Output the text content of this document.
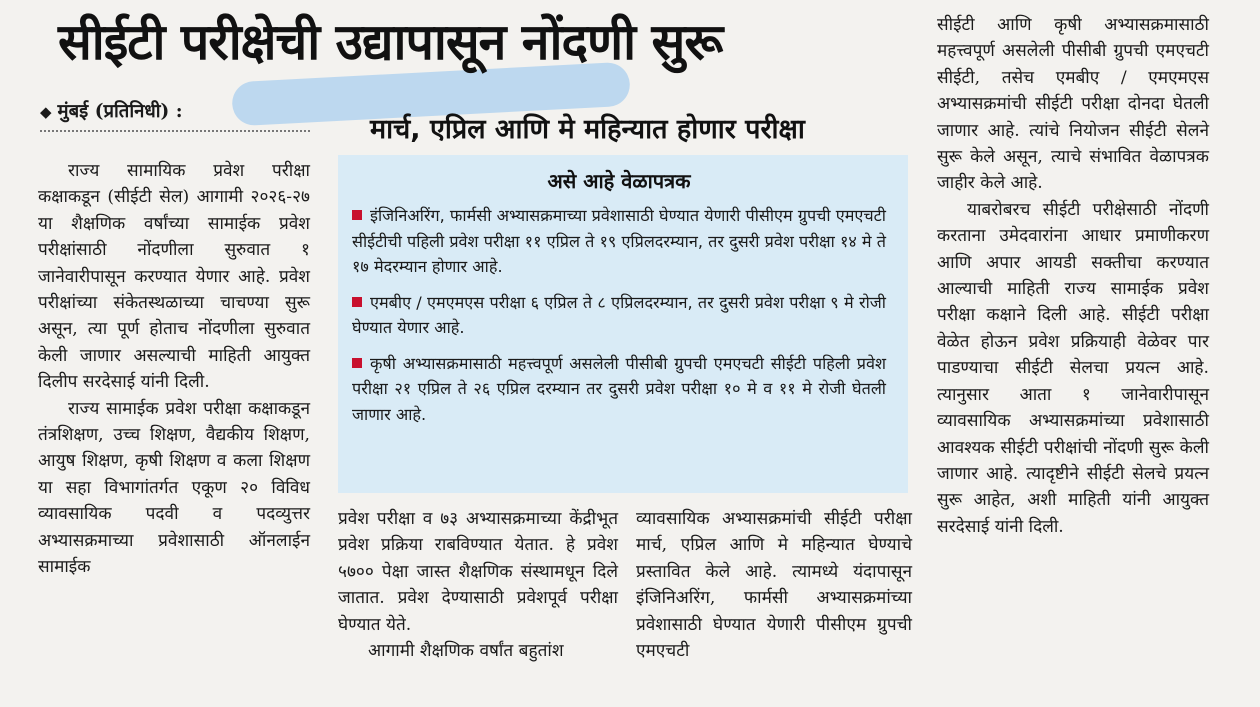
सीईटी परीक्षेची उद्यापासून नोंदणी सुरू
◆ मुंबई (प्रतिनिधी) :
मार्च, एप्रिल आणि मे महिन्यात होणार परीक्षा

राज्य सामायिक प्रवेश परीक्षा कक्षाकडून (सीईटी सेल) आगामी २०२६-२७ या शैक्षणिक वर्षांच्या सामाईक प्रवेश परीक्षांसाठी नोंदणीला सुरुवात १ जानेवारीपासून करण्यात येणार आहे. प्रवेश परीक्षांच्या संकेतस्थळाच्या चाचण्या सुरू असून, त्या पूर्ण होताच नोंदणीला सुरुवात केली जाणार असल्याची माहिती आयुक्त दिलीप सरदेसाई यांनी दिली.

राज्य सामाईक प्रवेश परीक्षा कक्षाकडून तंत्रशिक्षण, उच्च शिक्षण, वैद्यकीय शिक्षण, आयुष शिक्षण, कृषी शिक्षण व कला शिक्षण या सहा विभागांतर्गत एकूण २० विविध व्यावसायिक पदवी व पदव्युत्तर अभ्यासक्रमाच्या प्रवेशासाठी ऑनलाईन सामाईक

असे आहे वेळापत्रक

इंजिनिअरिंग, फार्मसी अभ्यासक्रमाच्या प्रवेशासाठी घेण्यात येणारी पीसीएम ग्रुपची एमएचटी सीईटीची पहिली प्रवेश परीक्षा ११ एप्रिल ते १९ एप्रिलदरम्यान, तर दुसरी प्रवेश परीक्षा १४ मे ते १७ मेदरम्यान होणार आहे.

एमबीए / एमएमएस परीक्षा ६ एप्रिल ते ८ एप्रिलदरम्यान, तर दुसरी प्रवेश परीक्षा ९ मे रोजी घेण्यात येणार आहे.

कृषी अभ्यासक्रमासाठी महत्त्वपूर्ण असलेली पीसीबी ग्रुपची एमएचटी सीईटी पहिली प्रवेश परीक्षा २१ एप्रिल ते २६ एप्रिल दरम्यान तर दुसरी प्रवेश परीक्षा १० मे व ११ मे रोजी घेतली जाणार आहे.

प्रवेश परीक्षा व ७३ अभ्यासक्रमाच्या केंद्रीभूत प्रवेश प्रक्रिया राबविण्यात येतात. हे प्रवेश ५७०० पेक्षा जास्त शैक्षणिक संस्थामधून दिले जातात. प्रवेश देण्यासाठी प्रवेशपूर्व परीक्षा घेण्यात येते.

आगामी शैक्षणिक वर्षांत बहुतांश

व्यावसायिक अभ्यासक्रमांची सीईटी परीक्षा मार्च, एप्रिल आणि मे महिन्यात घेण्याचे प्रस्तावित केले आहे. त्यामध्ये यंदापासून इंजिनिअरिंग, फार्मसी अभ्यासक्रमांच्या प्रवेशासाठी घेण्यात येणारी पीसीएम ग्रुपची एमएचटी

सीईटी आणि कृषी अभ्यासक्रमासाठी महत्त्वपूर्ण असलेली पीसीबी ग्रुपची एमएचटी सीईटी, तसेच एमबीए / एमएमएस अभ्यासक्रमांची सीईटी परीक्षा दोनदा घेतली जाणार आहे. त्यांचे नियोजन सीईटी सेलने सुरू केले असून, त्याचे संभावित वेळापत्रक जाहीर केले आहे.

याबरोबरच सीईटी परीक्षेसाठी नोंदणी करताना उमेदवारांना आधार प्रमाणीकरण आणि अपार आयडी सक्तीचा करण्यात आल्याची माहिती राज्य सामाईक प्रवेश परीक्षा कक्षाने दिली आहे. सीईटी परीक्षा वेळेत होऊन प्रवेश प्रक्रियाही वेळेवर पार पाडण्याचा सीईटी सेलचा प्रयत्न आहे. त्यानुसार आता १ जानेवारीपासून व्यावसायिक अभ्यासक्रमांच्या प्रवेशासाठी आवश्यक सीईटी परीक्षांची नोंदणी सुरू केली जाणार आहे. त्यादृष्टीने सीईटी सेलचे प्रयत्न सुरू आहेत, अशी माहिती यांनी आयुक्त सरदेसाई यांनी दिली.
